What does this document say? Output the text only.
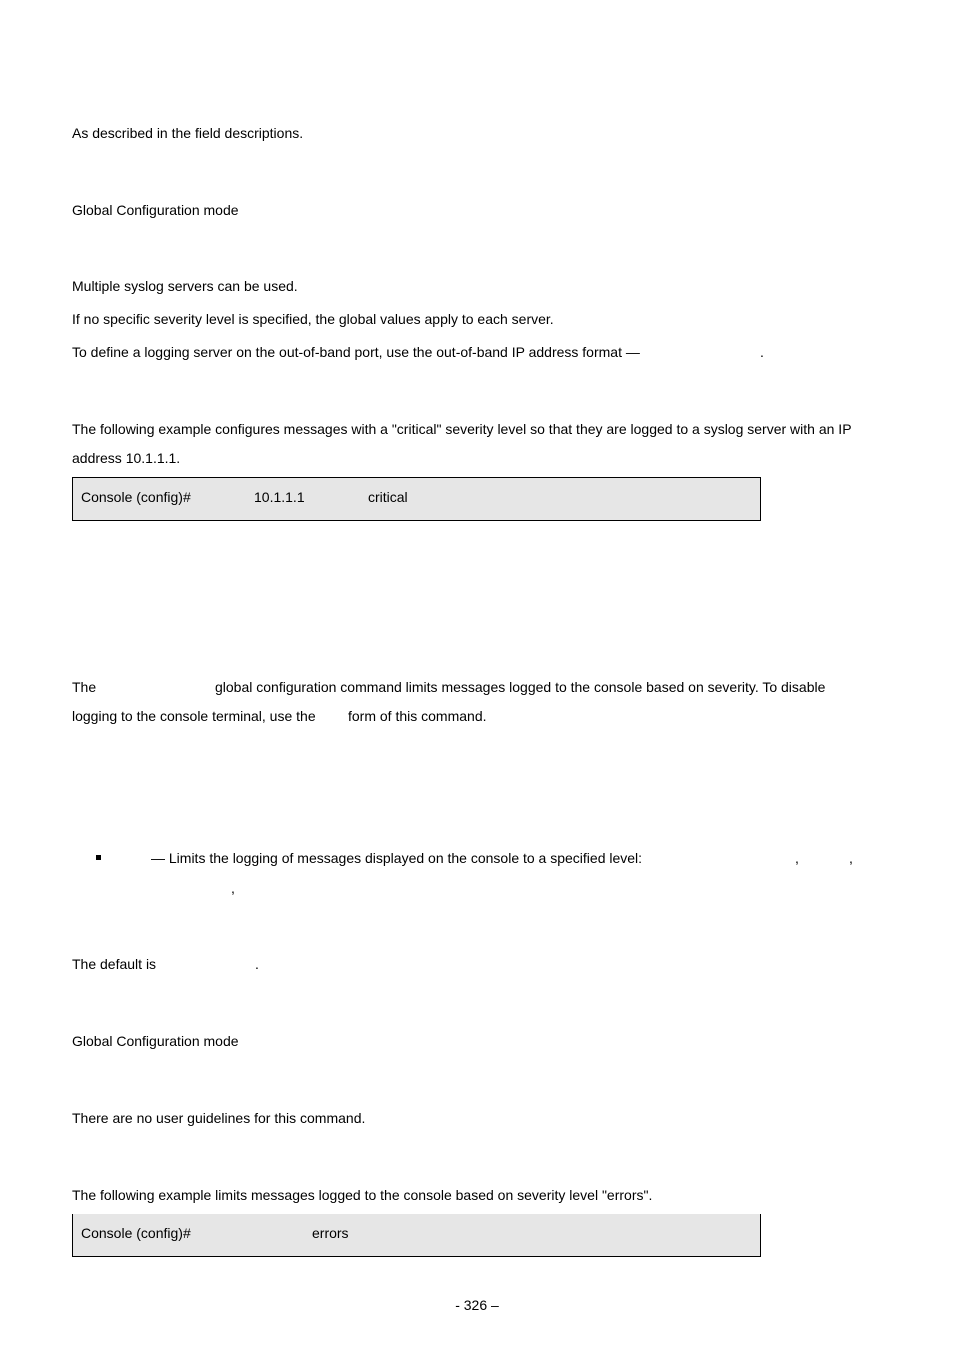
As described in the field descriptions.
Global Configuration mode
Multiple syslog servers can be used.
If no specific severity level is specified, the global values apply to each server.
To define a logging server on the out-of-band port, use the out-of-band IP address format —	.
The following example configures messages with a "critical" severity level so that they are logged to a syslog server with an IP
address 10.1.1.1.
Console (config)#	10.1.1.1	critical
The	global configuration command limits messages logged to the console based on severity. To disable
logging to the console terminal, use the form of this command.
— Limits the logging of messages displayed on the console to a specified level:	,	,
,
The default is	.
Global Configuration mode
There are no user guidelines for this command.
The following example limits messages logged to the console based on severity level "errors".
Console (config)#	errors
- 326 –
